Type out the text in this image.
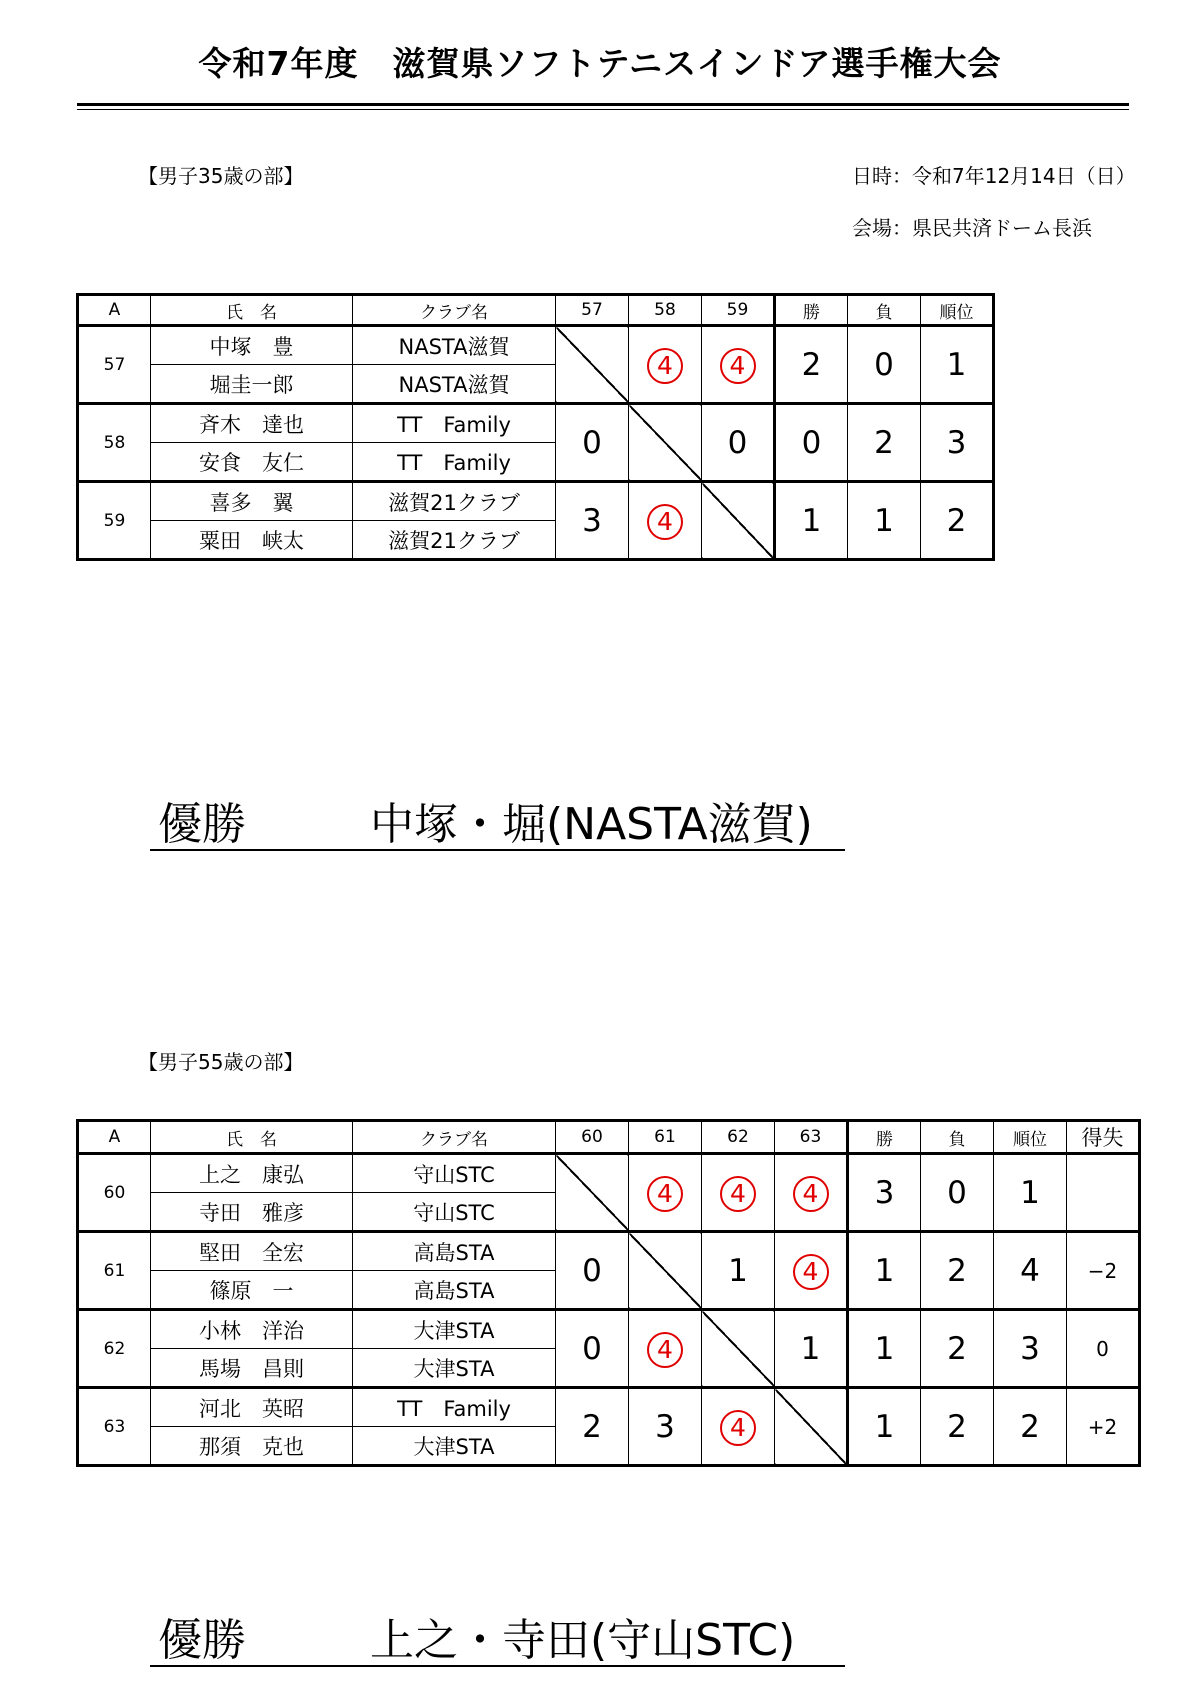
令和7年度　滋賀県ソフトテニスインドア選手権大会
【男子35歳の部】	日時：令和7年12月14日（日）
会場：県民共済ドーム長浜
A	氏　名	クラブ名	57	58	59	勝	負	順位
57	中塚　豊	NASTA滋賀		4	4	2	0	1
	堀圭一郎	NASTA滋賀						
58	斉木　達也	TT　Family	0		0	0	2	3
	安食　友仁	TT　Family						
59	喜多　翼	滋賀21クラブ	3	4		1	1	2
	粟田　峡太	滋賀21クラブ						
優勝	中塚・堀(NASTA滋賀)
【男子55歳の部】
A	氏　名	クラブ名	60	61	62	63	勝	負	順位	得失
60	上之　康弘	守山STC		4	4	4	3	0	1	
	寺田　雅彦	守山STC								
61	堅田　全宏	高島STA	0		1	4	1	2	4	−2
	篠原　一	高島STA								
62	小林　洋治	大津STA	0	4		1	1	2	3	0
	馬場　昌則	大津STA								
63	河北　英昭	TT　Family	2	3	4		1	2	2	+2
	那須　克也	大津STA								
優勝	上之・寺田(守山STC)
